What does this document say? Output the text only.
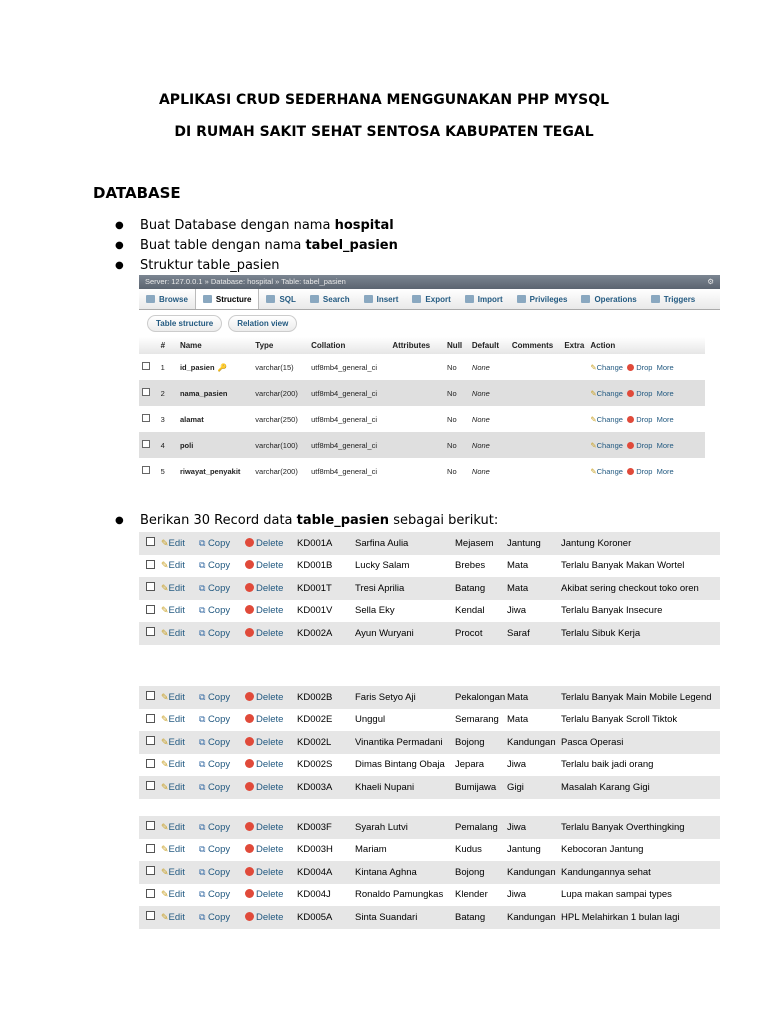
APLIKASI CRUD SEDERHANA MENGGUNAKAN PHP MYSQL
DI RUMAH SAKIT SEHAT SENTOSA KABUPATEN TEGAL
DATABASE
● Buat Database dengan nama hospital
● Buat table dengan nama tabel_pasien
● Struktur table_pasien
Server: 127.0.0.1 » Database: hospital » Table: tabel_pasien	⚙
Browse	Structure	SQL	Search	Insert	Export	Import	Privileges	Operations	Triggers
Table structure	Relation view
	#	Name	Type	Collation	Attributes	Null	Default	Comments	Extra	Action
	1	id_pasien 🔑	varchar(15)	utf8mb4_general_ci		No	None			✎Change Drop More
	2	nama_pasien	varchar(200)	utf8mb4_general_ci		No	None			✎Change Drop More
	3	alamat	varchar(250)	utf8mb4_general_ci		No	None			✎Change Drop More
	4	poli	varchar(100)	utf8mb4_general_ci		No	None			✎Change Drop More
	5	riwayat_penyakit	varchar(200)	utf8mb4_general_ci		No	None			✎Change Drop More
● Berikan 30 Record data table_pasien sebagai berikut:
	✎Edit	⧉ Copy	Delete	KD001A	Sarfina Aulia	Mejasem	Jantung	Jantung Koroner
	✎Edit	⧉ Copy	Delete	KD001B	Lucky Salam	Brebes	Mata	Terlalu Banyak Makan Wortel
	✎Edit	⧉ Copy	Delete	KD001T	Tresi Aprilia	Batang	Mata	Akibat sering checkout toko oren
	✎Edit	⧉ Copy	Delete	KD001V	Sella Eky	Kendal	Jiwa	Terlalu Banyak Insecure
	✎Edit	⧉ Copy	Delete	KD002A	Ayun Wuryani	Procot	Saraf	Terlalu Sibuk Kerja
	✎Edit	⧉ Copy	Delete	KD002B	Faris Setyo Aji	Pekalongan	Mata	Terlalu Banyak Main Mobile Legend
	✎Edit	⧉ Copy	Delete	KD002E	Unggul	Semarang	Mata	Terlalu Banyak Scroll Tiktok
	✎Edit	⧉ Copy	Delete	KD002L	Vinantika Permadani	Bojong	Kandungan	Pasca Operasi
	✎Edit	⧉ Copy	Delete	KD002S	Dimas Bintang Obaja	Jepara	Jiwa	Terlalu baik jadi orang
	✎Edit	⧉ Copy	Delete	KD003A	Khaeli Nupani	Bumijawa	Gigi	Masalah Karang Gigi
	✎Edit	⧉ Copy	Delete	KD003F	Syarah Lutvi	Pemalang	Jiwa	Terlalu Banyak Overthingking
	✎Edit	⧉ Copy	Delete	KD003H	Mariam	Kudus	Jantung	Kebocoran Jantung
	✎Edit	⧉ Copy	Delete	KD004A	Kintana Aghna	Bojong	Kandungan	Kandungannya sehat
	✎Edit	⧉ Copy	Delete	KD004J	Ronaldo Pamungkas	Klender	Jiwa	Lupa makan sampai types
	✎Edit	⧉ Copy	Delete	KD005A	Sinta Suandari	Batang	Kandungan	HPL Melahirkan 1 bulan lagi
